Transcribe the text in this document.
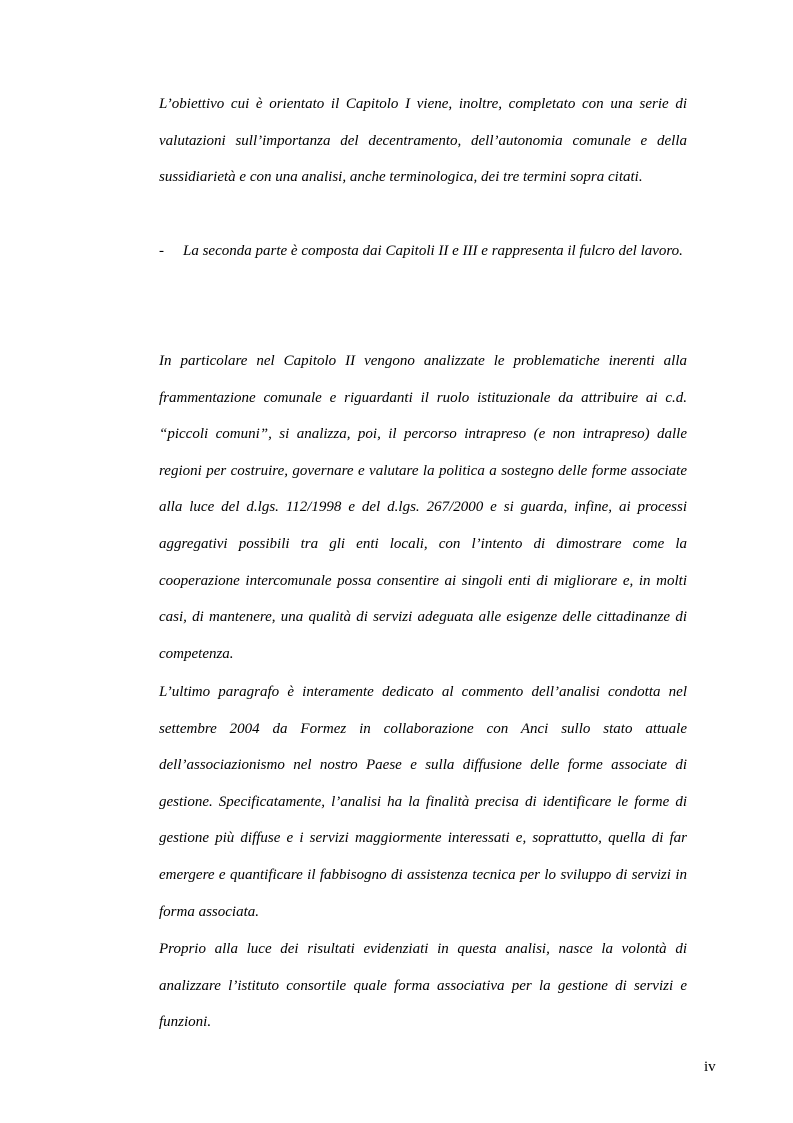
L’obiettivo cui è orientato il Capitolo I viene, inoltre, completato con una serie di valutazioni sull’importanza del decentramento, dell’autonomia comunale e della sussidiarietà e con una analisi, anche terminologica, dei tre termini sopra citati.

- La seconda parte è composta dai Capitoli II e III e rappresenta il fulcro del lavoro.

In particolare nel Capitolo II vengono analizzate le problematiche inerenti alla frammentazione comunale e riguardanti il ruolo istituzionale da attribuire ai c.d. “piccoli comuni”, si analizza, poi, il percorso intrapreso (e non intrapreso) dalle regioni per costruire, governare e valutare la politica a sostegno delle forme associate alla luce del d.lgs. 112/1998 e del d.lgs. 267/2000 e si guarda, infine, ai processi aggregativi possibili tra gli enti locali, con l’intento di dimostrare come la cooperazione intercomunale possa consentire ai singoli enti di migliorare e, in molti casi, di mantenere, una qualità di servizi adeguata alle esigenze delle cittadinanze di competenza.

L’ultimo paragrafo è interamente dedicato al commento dell’analisi condotta nel settembre 2004 da Formez in collaborazione con Anci sullo stato attuale dell’associazionismo nel nostro Paese e sulla diffusione delle forme associate di gestione. Specificatamente, l’analisi ha la finalità precisa di identificare le forme di gestione più diffuse e i servizi maggiormente interessati e, soprattutto, quella di far emergere e quantificare il fabbisogno di assistenza tecnica per lo sviluppo di servizi in forma associata.

Proprio alla luce dei risultati evidenziati in questa analisi, nasce la volontà di analizzare l’istituto consortile quale forma associativa per la gestione di servizi e funzioni.

iv
